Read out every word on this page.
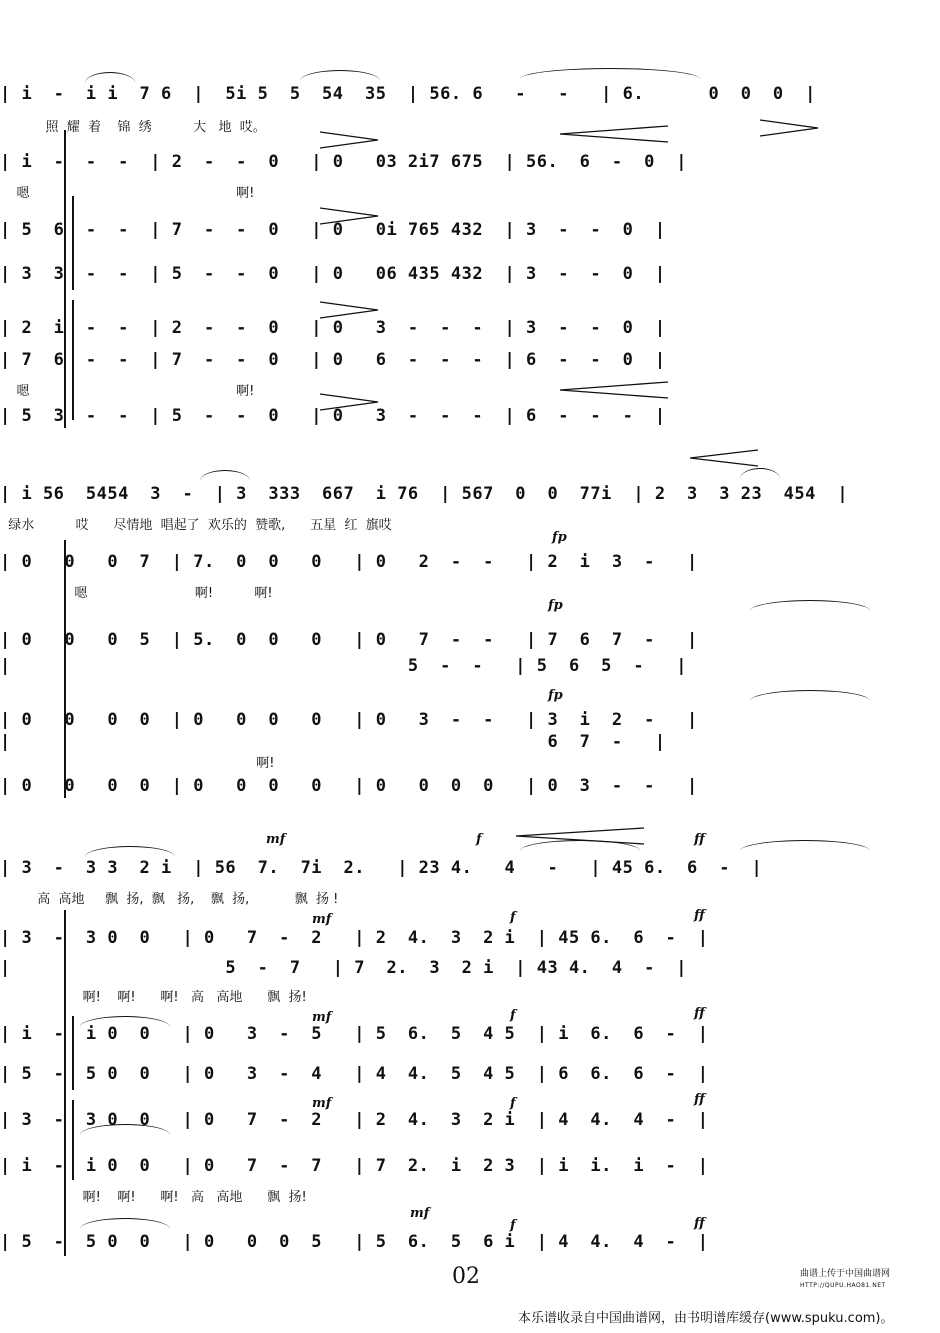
| i  -  i i  7 6  |  5i 5  5  54  35  | 56. 6   -   -   | 6.      0  0  0  |
照  耀  着    锦  绣          大   地  哎。
| i  -  -  -  | 2  -  -  0   | 0   03 2i7 675  | 56.  6  -  0  |
嗯                                                  啊!
| 5  6  -  -  | 7  -  -  0   | 0   0i 765 432  | 3  -  -  0  |
| 3  3  -  -  | 5  -  -  0   | 0   06 435 432  | 3  -  -  0  |
| 2  i  -  -  | 2  -  -  0   | 0   3  -  -  -  | 3  -  -  0  |
| 7  6  -  -  | 7  -  -  0   | 0   6  -  -  -  | 6  -  -  0  |
嗯                                                  啊!
| 5  3  -  -  | 5  -  -  0   | 0   3  -  -  -  | 6  -  -  -  |
fp
fp
fp
| i 56  5454  3  -  | 3  333  667  i 76  | 567  0  0  77i  | 2  3  3 23  454  |
绿水          哎      尽情地  唱起了  欢乐的  赞歌,      五星  红  旗哎
| 0   0   0  7  | 7.  0  0   0   | 0   2  -  -   | 2  i  3  -   |
嗯                          啊!          啊!
| 0   0   0  5  | 5.  0  0   0   | 0   7  -  -   | 7  6  7  -   |
|                                     5  -  -   | 5  6  5  -   |
| 0   0   0  0  | 0   0  0   0   | 0   3  -  -   | 3  i  2  -   |
|                                                  6  7  -   |
啊!
| 0   0   0  0  | 0   0  0   0   | 0   0  0  0   | 0  3  -  -   |
mf	f	ff
mf	f	ff
mf	f	ff
mf	f	ff
mf
f	ff
| 3  -  3 3  2 i  | 56  7.  7i  2.   | 23 4.   4   -   | 45 6.  6  -  |
高  高地     飘  扬,  飘   扬,    飘  扬,           飘  扬 !
| 3  -  3 0  0   | 0   7  -  2   | 2  4.  3  2 i  | 45 6.  6  -  |
|                    5  -  7   | 7  2.  3  2 i  | 43 4.  4  -  |
啊!    啊!      啊!   高   高地      飘  扬!
| i  -  i 0  0   | 0   3  -  5   | 5  6.  5  4 5  | i  6.  6  -  |
| 5  -  5 0  0   | 0   3  -  4   | 4  4.  5  4 5  | 6  6.  6  -  |
| 3  -  3 0  0   | 0   7  -  2   | 2  4.  3  2 i  | 4  4.  4  -  |
| i  -  i 0  0   | 0   7  -  7   | 7  2.  i  2 3  | i  i.  i  -  |
啊!    啊!      啊!   高   高地      飘  扬!
| 5  -  5 0  0   | 0   0  0  5   | 5  6.  5  6 i  | 4  4.  4  -  |
02	曲谱上传于中国曲谱网
HTTP://QUPU.HAO81.NET
本乐谱收录自中国曲谱网，由书明谱库缓存(www.spuku.com)。
